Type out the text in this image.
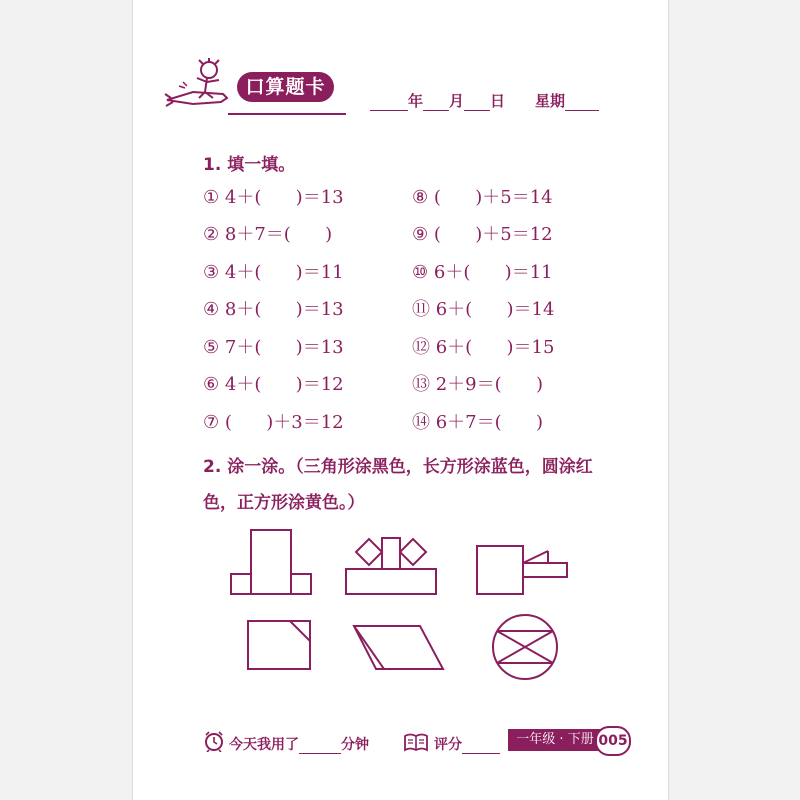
口算题卡
年 月 日 星期
1. 填一填。
① 4＋(      )＝13
② 8＋7＝(      )
③ 4＋(      )＝11
④ 8＋(      )＝13
⑤ 7＋(      )＝13
⑥ 4＋(      )＝12
⑦ (      )＋3＝12
⑧ (      )＋5＝14
⑨ (      )＋5＝12
⑩ 6＋(      )＝11
⑪ 6＋(      )＝14
⑫ 6＋(      )＝15
⑬ 2＋9＝(      )
⑭ 6＋7＝(      )
2. 涂一涂。（三角形涂黑色，长方形涂蓝色，圆涂红
色，正方形涂黄色。）
今天我用了	分钟	评分	一年级 · 下册 005
